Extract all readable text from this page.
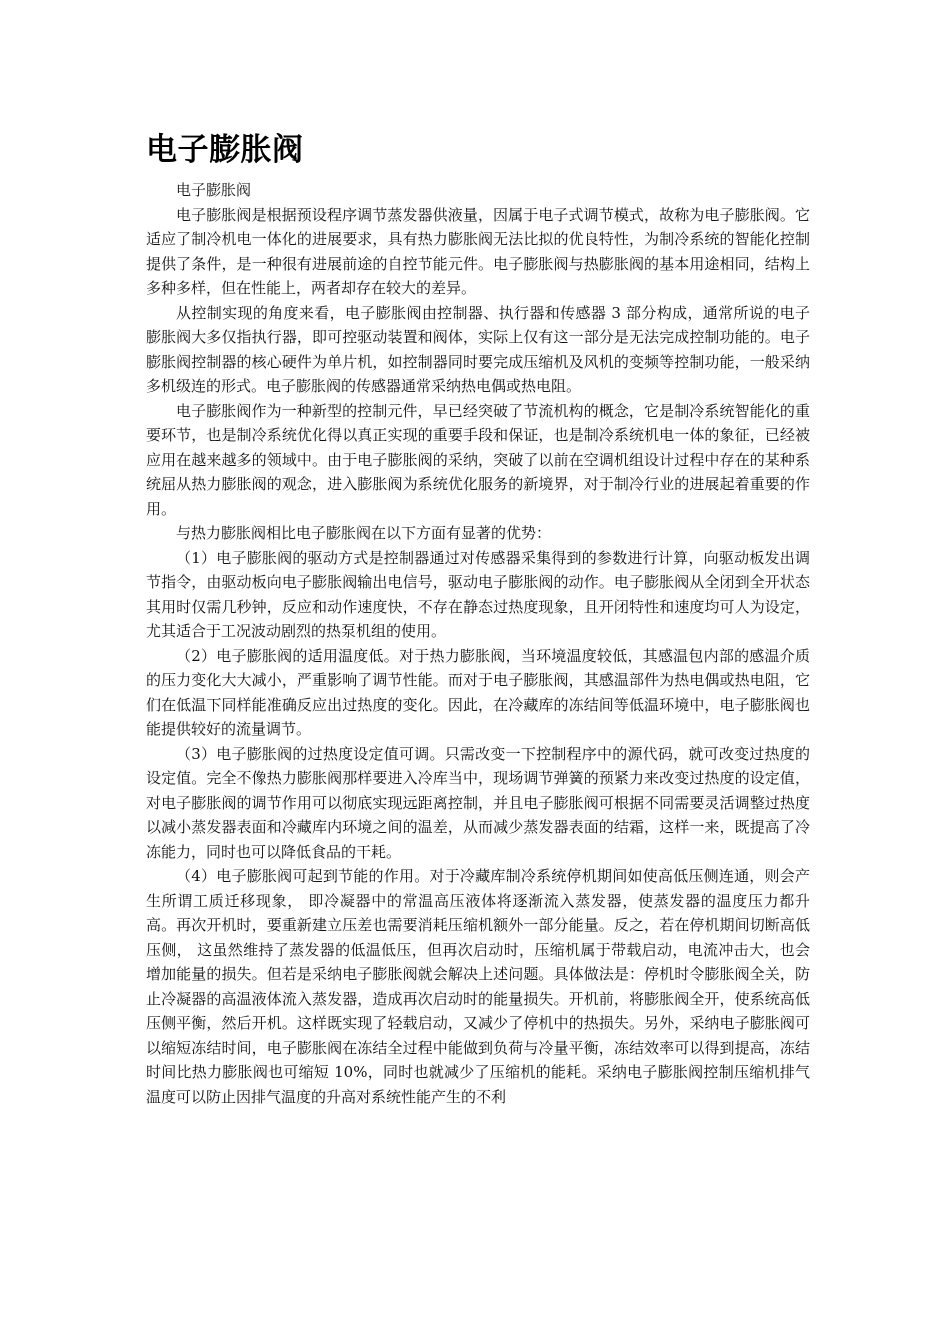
电子膨胀阀

电子膨胀阀

电子膨胀阀是根据预设程序调节蒸发器供液量，因属于电子式调节模式，故称为电子膨胀阀。它适应了制冷机电一体化的进展要求，具有热力膨胀阀无法比拟的优良特性，为制冷系统的智能化控制提供了条件，是一种很有进展前途的自控节能元件。电子膨胀阀与热膨胀阀的基本用途相同，结构上多种多样，但在性能上，两者却存在较大的差异。

从控制实现的角度来看，电子膨胀阀由控制器、执行器和传感器 3 部分构成，通常所说的电子膨胀阀大多仅指执行器，即可控驱动装置和阀体，实际上仅有这一部分是无法完成控制功能的。电子膨胀阀控制器的核心硬件为单片机，如控制器同时要完成压缩机及风机的变频等控制功能，一般采纳多机级连的形式。电子膨胀阀的传感器通常采纳热电偶或热电阻。

电子膨胀阀作为一种新型的控制元件，早已经突破了节流机构的概念，它是制冷系统智能化的重要环节，也是制冷系统优化得以真正实现的重要手段和保证，也是制冷系统机电一体的象征，已经被应用在越来越多的领域中。由于电子膨胀阀的采纳，突破了以前在空调机组设计过程中存在的某种系统屈从热力膨胀阀的观念，进入膨胀阀为系统优化服务的新境界，对于制冷行业的进展起着重要的作用。

与热力膨胀阀相比电子膨胀阀在以下方面有显著的优势：

（1）电子膨胀阀的驱动方式是控制器通过对传感器采集得到的参数进行计算，向驱动板发出调节指令，由驱动板向电子膨胀阀输出电信号，驱动电子膨胀阀的动作。电子膨胀阀从全闭到全开状态其用时仅需几秒钟，反应和动作速度快，不存在静态过热度现象，且开闭特性和速度均可人为设定， 尤其适合于工况波动剧烈的热泵机组的使用。

（2）电子膨胀阀的适用温度低。对于热力膨胀阀，当环境温度较低，其感温包内部的感温介质的压力变化大大减小，严重影响了调节性能。而对于电子膨胀阀，其感温部件为热电偶或热电阻，它们在低温下同样能准确反应出过热度的变化。因此，在冷藏库的冻结间等低温环境中，电子膨胀阀也能提供较好的流量调节。

（3）电子膨胀阀的过热度设定值可调。只需改变一下控制程序中的源代码，就可改变过热度的设定值。完全不像热力膨胀阀那样要进入冷库当中，现场调节弹簧的预紧力来改变过热度的设定值，对电子膨胀阀的调节作用可以彻底实现远距离控制，并且电子膨胀阀可根据不同需要灵活调整过热度以减小蒸发器表面和冷藏库内环境之间的温差，从而减少蒸发器表面的结霜，这样一来，既提高了冷冻能力，同时也可以降低食品的干耗。

（4）电子膨胀阀可起到节能的作用。对于冷藏库制冷系统停机期间如使高低压侧连通，则会产生所谓工质迁移现象， 即冷凝器中的常温高压液体将逐渐流入蒸发器，使蒸发器的温度压力都升高。再次开机时，要重新建立压差也需要消耗压缩机额外一部分能量。反之，若在停机期间切断高低压侧， 这虽然维持了蒸发器的低温低压，但再次启动时，压缩机属于带载启动，电流冲击大，也会增加能量的损失。但若是采纳电子膨胀阀就会解决上述问题。具体做法是：停机时令膨胀阀全关，防止冷凝器的高温液体流入蒸发器，造成再次启动时的能量损失。开机前，将膨胀阀全开，使系统高低压侧平衡，然后开机。这样既实现了轻载启动，又减少了停机中的热损失。另外，采纳电子膨胀阀可以缩短冻结时间，电子膨胀阀在冻结全过程中能做到负荷与冷量平衡，冻结效率可以得到提高，冻结时间比热力膨胀阀也可缩短 10%，同时也就减少了压缩机的能耗。采纳电子膨胀阀控制压缩机排气温度可以防止因排气温度的升高对系统性能产生的不利
